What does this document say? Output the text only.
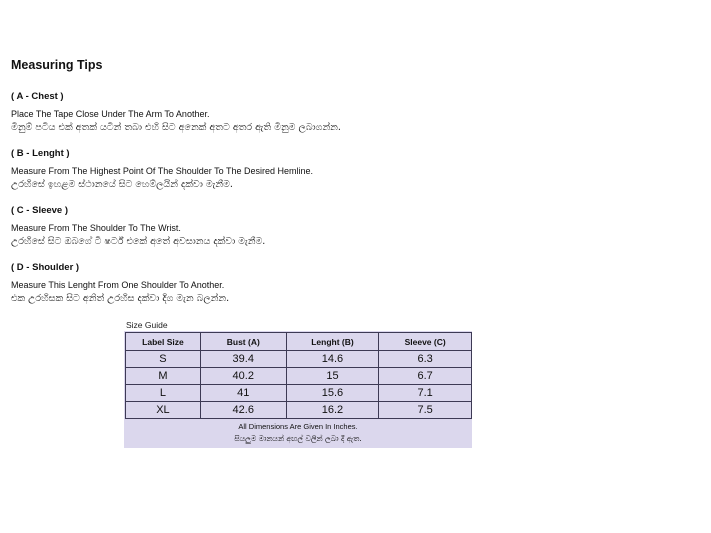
Measuring Tips
( A - Chest )
Place The Tape Close Under The Arm To Another.
මිනුම් පටිය එක් අතක් යටින් තබා එහි සිට අනෙක් අතට අතර ඇති මිනුම ලබාගන්න.
( B - Lenght )
Measure From The Highest Point Of The Shoulder To The Desired Hemline.
උරහිසේ ඉහළම ස්ථානයේ සිට හෙම්ලයින් දක්වා මැනීම.
( C - Sleeve )
Measure From The Shoulder To The Wrist.
උරහිසේ සිට ඔබගේ ටී ෂර්ට් එකේ අතේ අවසානය දක්වා මැනීම.
( D - Shoulder )
Measure This Lenght From One Shoulder To Another.
එක උරහිසක සිට අනිත් උරහිස දක්වා දිග මැන බලන්න.
Size Guide
Label Size	Bust (A)	Lenght (B)	Sleeve (C)
S	39.4	14.6	6.3
M	40.2	15	6.7
L	41	15.6	7.1
XL	42.6	16.2	7.5
All Dimensions Are Given In Inches.
සියලුම මානයන් අඟල් වලින් ලබා දී ඇත.
